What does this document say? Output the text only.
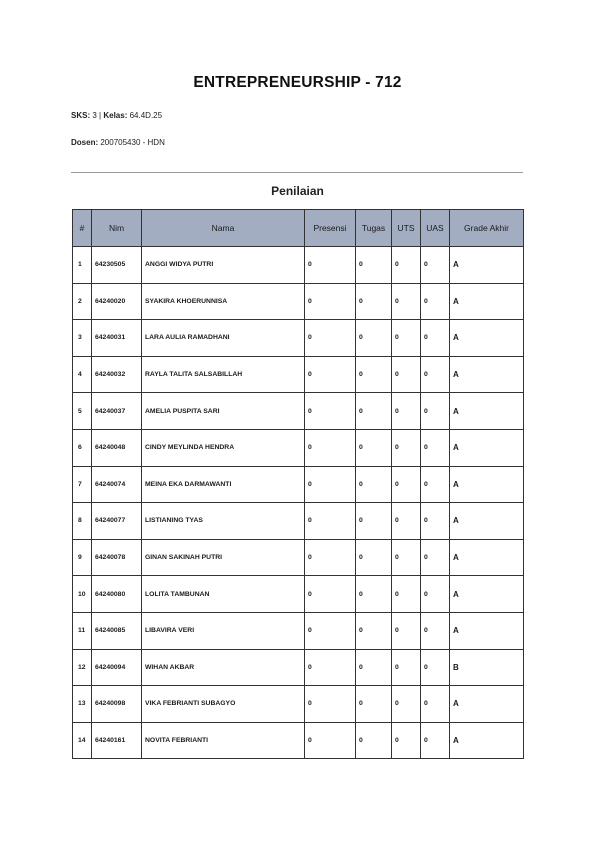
ENTREPRENEURSHIP - 712
SKS: 3 | Kelas: 64.4D.25
Dosen: 200705430 - HDN
Penilaian
#	Nim	Nama	Presensi	Tugas	UTS	UAS	Grade Akhir
1	64230505	ANGGI WIDYA PUTRI	0	0	0	0	A
2	64240020	SYAKIRA KHOERUNNISA	0	0	0	0	A
3	64240031	LARA AULIA RAMADHANI	0	0	0	0	A
4	64240032	RAYLA TALITA SALSABILLAH	0	0	0	0	A
5	64240037	AMELIA PUSPITA SARI	0	0	0	0	A
6	64240048	CINDY MEYLINDA HENDRA	0	0	0	0	A
7	64240074	MEINA EKA DARMAWANTI	0	0	0	0	A
8	64240077	LISTIANING TYAS	0	0	0	0	A
9	64240078	GINAN SAKINAH PUTRI	0	0	0	0	A
10	64240080	LOLITA TAMBUNAN	0	0	0	0	A
11	64240085	LIBAVIRA VERI	0	0	0	0	A
12	64240094	WIHAN AKBAR	0	0	0	0	B
13	64240098	VIKA FEBRIANTI SUBAGYO	0	0	0	0	A
14	64240161	NOVITA FEBRIANTI	0	0	0	0	A
